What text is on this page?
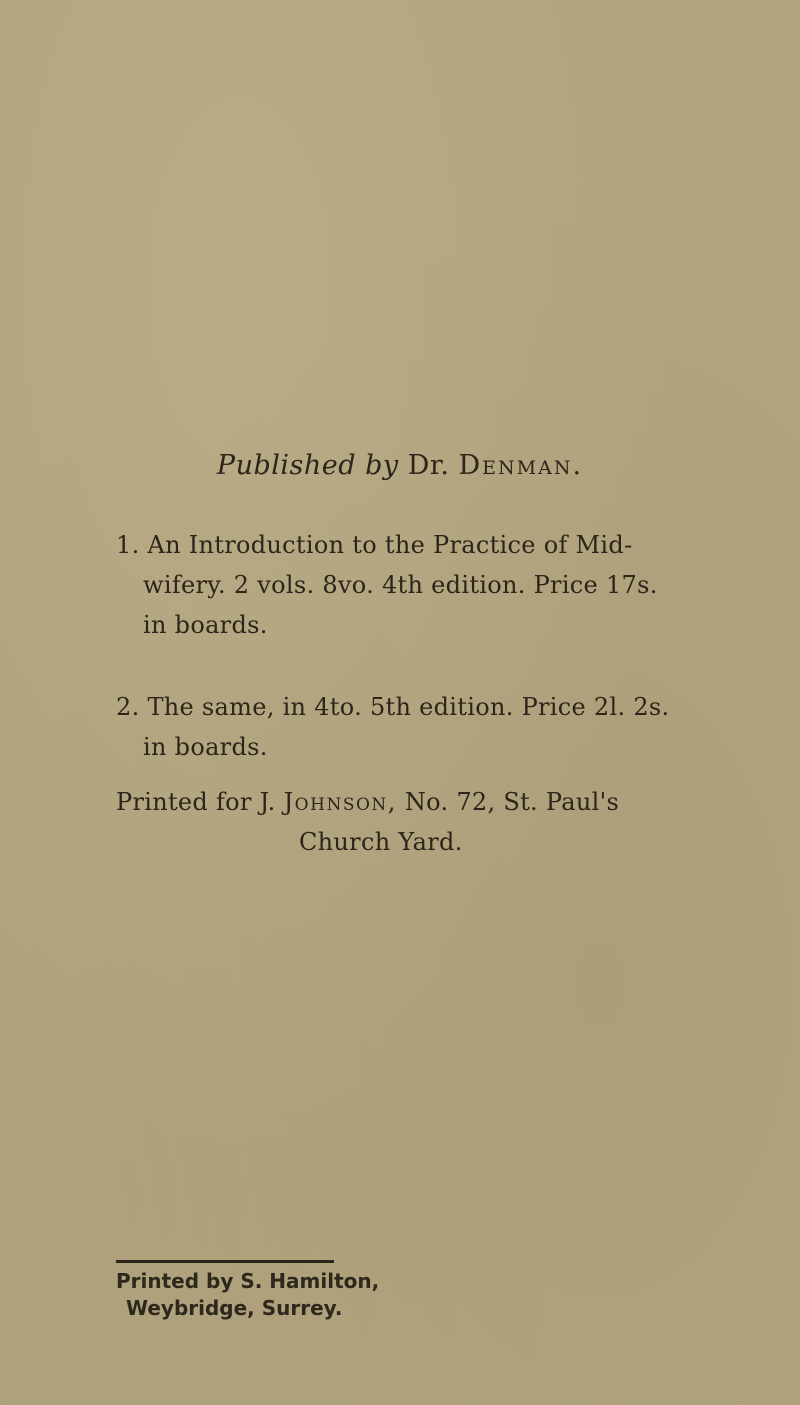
Published by Dr. Denman.
1. An Introduction to the Practice of Mid-
wifery. 2 vols. 8vo. 4th edition. Price 17s.
in boards.
2. The same, in 4to. 5th edition. Price 2l. 2s.
in boards.
Printed for J. Johnson, No. 72, St. Paul's
Church Yard.
Printed by S. Hamilton,
Weybridge, Surrey.
